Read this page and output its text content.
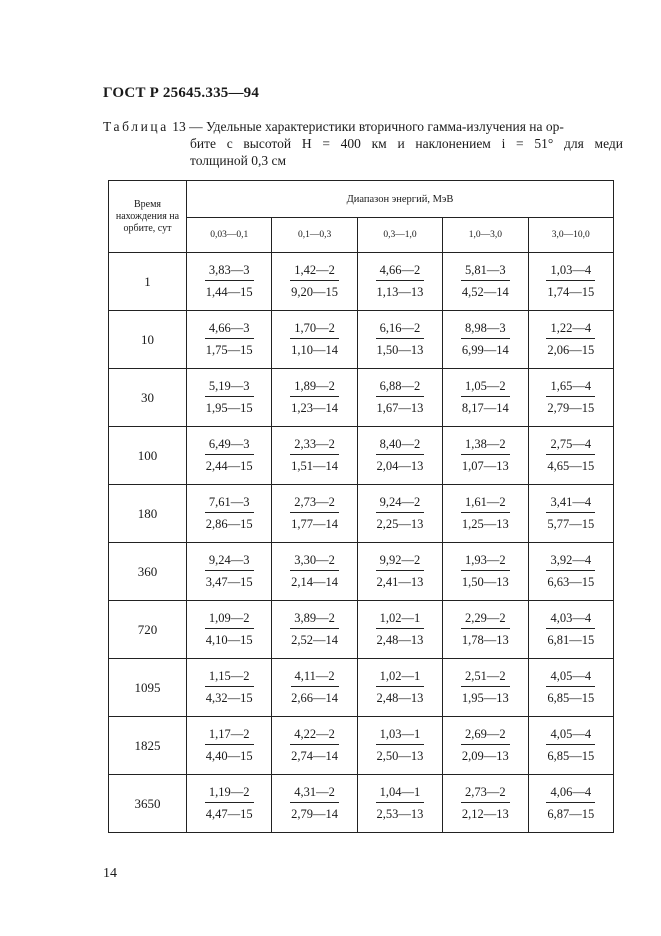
ГОСТ Р 25645.335—94
Таблица 13 — Удельные характеристики вторичного гамма-излучения на ор-
бите с высотой H = 400 км и наклонением i = 51° для меди
толщиной 0,3 см
Время нахождения на орбите, сут	Диапазон энергий, МэВ				
	0,03—0,1	0,1—0,3	0,3—1,0	1,0—3,0	3,0—10,0
1	$\frac{3,83—3}{1,44—15}$	$\frac{1,42—2}{9,20—15}$	$\frac{4,66—2}{1,13—13}$	$\frac{5,81—3}{4,52—14}$	$\frac{1,03—4}{1,74—15}$

10	$\frac{4,66—3}{1,75—15}$	$\frac{1,70—2}{1,10—14}$	$\frac{6,16—2}{1,50—13}$	$\frac{8,98—3}{6,99—14}$	$\frac{1,22—4}{2,06—15}$

30	$\frac{5,19—3}{1,95—15}$	$\frac{1,89—2}{1,23—14}$	$\frac{6,88—2}{1,67—13}$	$\frac{1,05—2}{8,17—14}$	$\frac{1,65—4}{2,79—15}$

100	$\frac{6,49—3}{2,44—15}$	$\frac{2,33—2}{1,51—14}$	$\frac{8,40—2}{2,04—13}$	$\frac{1,38—2}{1,07—13}$	$\frac{2,75—4}{4,65—15}$

180	$\frac{7,61—3}{2,86—15}$	$\frac{2,73—2}{1,77—14}$	$\frac{9,24—2}{2,25—13}$	$\frac{1,61—2}{1,25—13}$	$\frac{3,41—4}{5,77—15}$

360	$\frac{9,24—3}{3,47—15}$	$\frac{3,30—2}{2,14—14}$	$\frac{9,92—2}{2,41—13}$	$\frac{1,93—2}{1,50—13}$	$\frac{3,92—4}{6,63—15}$

720	$\frac{1,09—2}{4,10—15}$	$\frac{3,89—2}{2,52—14}$	$\frac{1,02—1}{2,48—13}$	$\frac{2,29—2}{1,78—13}$	$\frac{4,03—4}{6,81—15}$

1095	$\frac{1,15—2}{4,32—15}$	$\frac{4,11—2}{2,66—14}$	$\frac{1,02—1}{2,48—13}$	$\frac{2,51—2}{1,95—13}$	$\frac{4,05—4}{6,85—15}$

1825	$\frac{1,17—2}{4,40—15}$	$\frac{4,22—2}{2,74—14}$	$\frac{1,03—1}{2,50—13}$	$\frac{2,69—2}{2,09—13}$	$\frac{4,05—4}{6,85—15}$

3650	$\frac{1,19—2}{4,47—15}$	$\frac{4,31—2}{2,79—14}$	$\frac{1,04—1}{2,53—13}$	$\frac{2,73—2}{2,12—13}$	$\frac{4,06—4}{6,87—15}$
14
